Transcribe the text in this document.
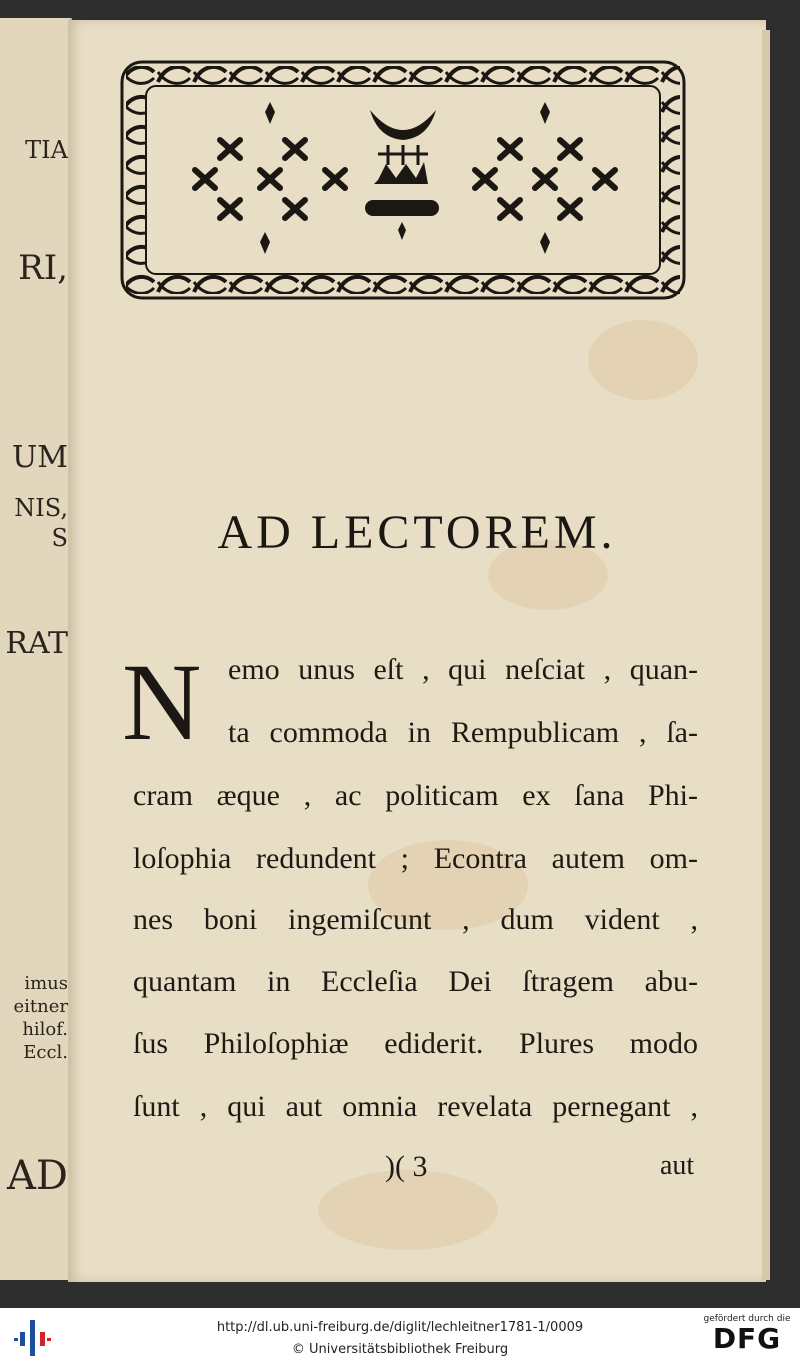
TIA
RI,
UM
NIS,
S
RAT
imus
eitner
hilof.
Eccl.
AD
AD LECTOREM.
N emo unus eſt , qui neſciat , quan-
ta commoda in Rempublicam , ſa-
cram æque , ac politicam ex ſana Phi-
loſophia redundent ; Econtra autem om-
nes boni ingemiſcunt , dum vident ,
quantam in Eccleſia Dei ſtragem abu-
ſus Philoſophiæ ediderit. Plures modo
ſunt , qui aut omnia revelata pernegant ,
)( 3	aut
http://dl.ub.uni-freiburg.de/diglit/lechleitner1781-1/0009
© Universitätsbibliothek Freiburg
gefördert durch die
DFG
